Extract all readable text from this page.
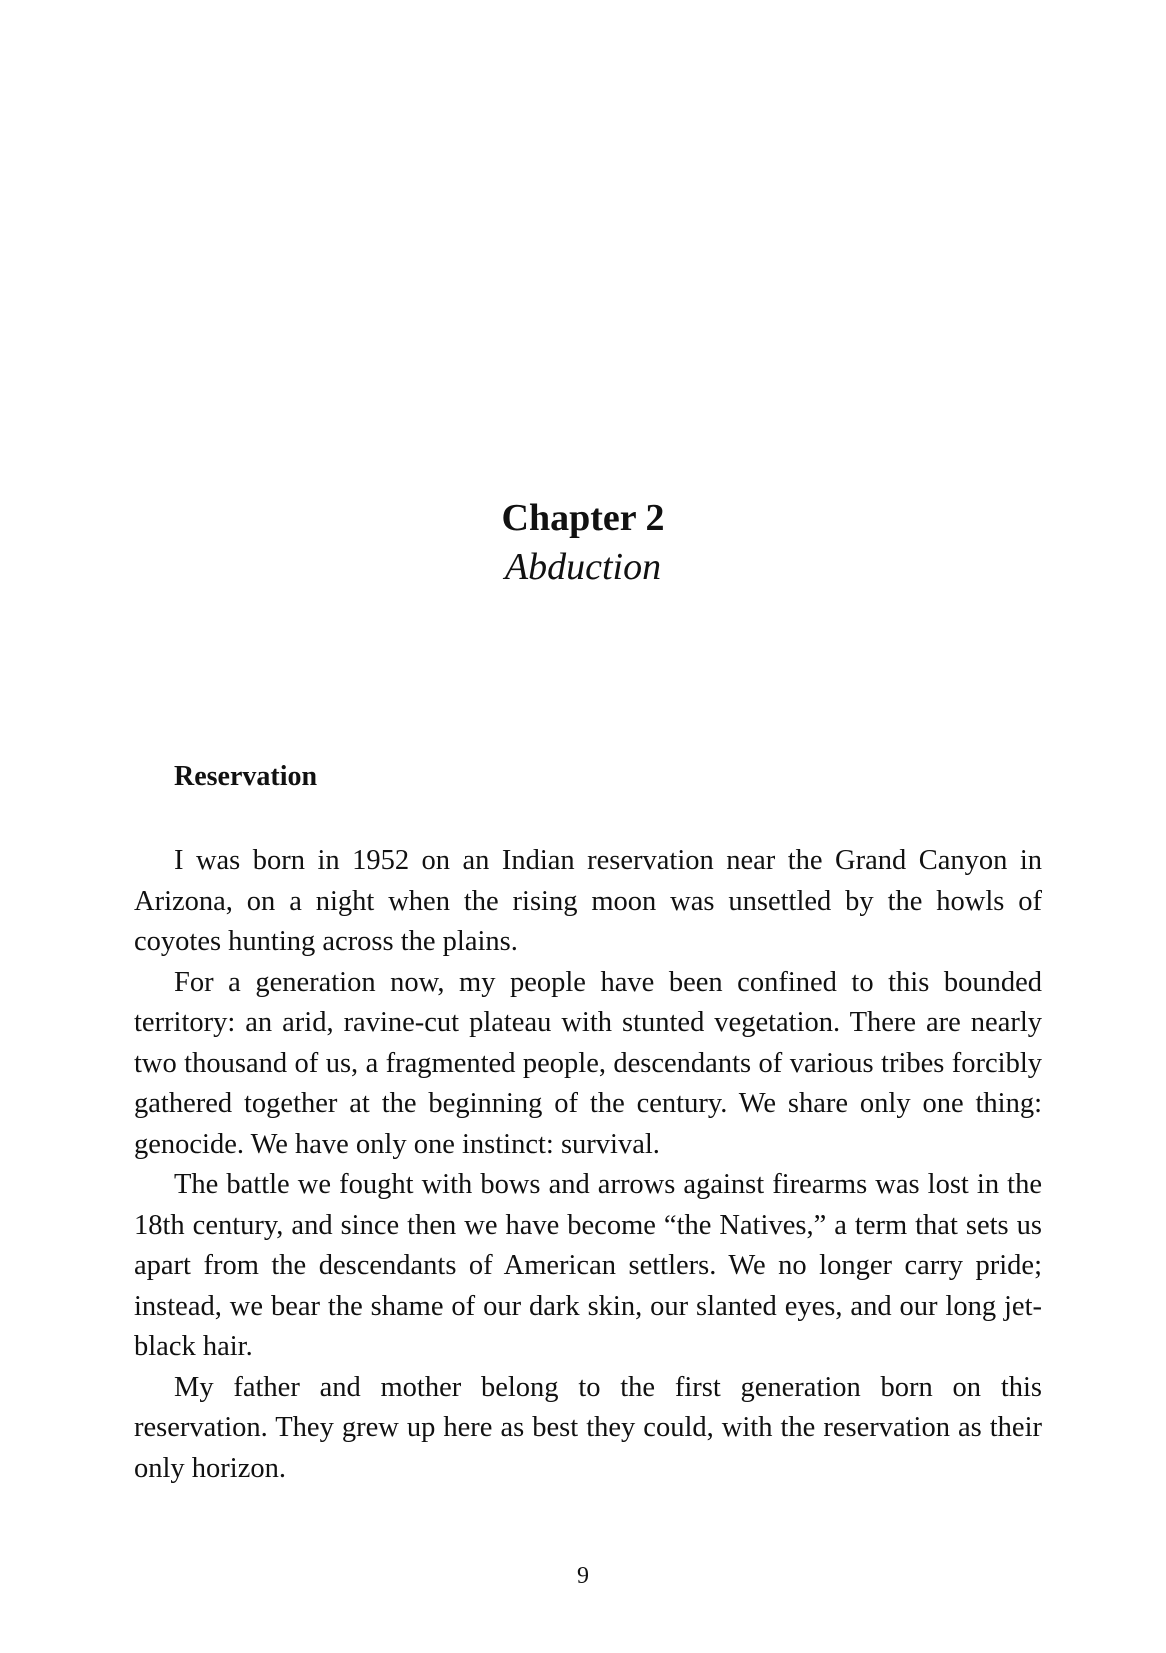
Chapter 2
Abduction
Reservation

I was born in 1952 on an Indian reservation near the Grand Canyon in Arizona, on a night when the rising moon was unsettled by the howls of coyotes hunting across the plains.

For a generation now, my people have been confined to this bounded territory: an arid, ravine-cut plateau with stunted vegetation. There are nearly two thousand of us, a fragmented people, descendants of various tribes forcibly gathered together at the beginning of the century. We share only one thing: genocide. We have only one instinct: survival.

The battle we fought with bows and arrows against firearms was lost in the 18th century, and since then we have become “the Natives,” a term that sets us apart from the descendants of American settlers. We no longer carry pride; instead, we bear the shame of our dark skin, our slanted eyes, and our long jet-black hair.

My father and mother belong to the first generation born on this reservation. They grew up here as best they could, with the reservation as their only horizon.

9
